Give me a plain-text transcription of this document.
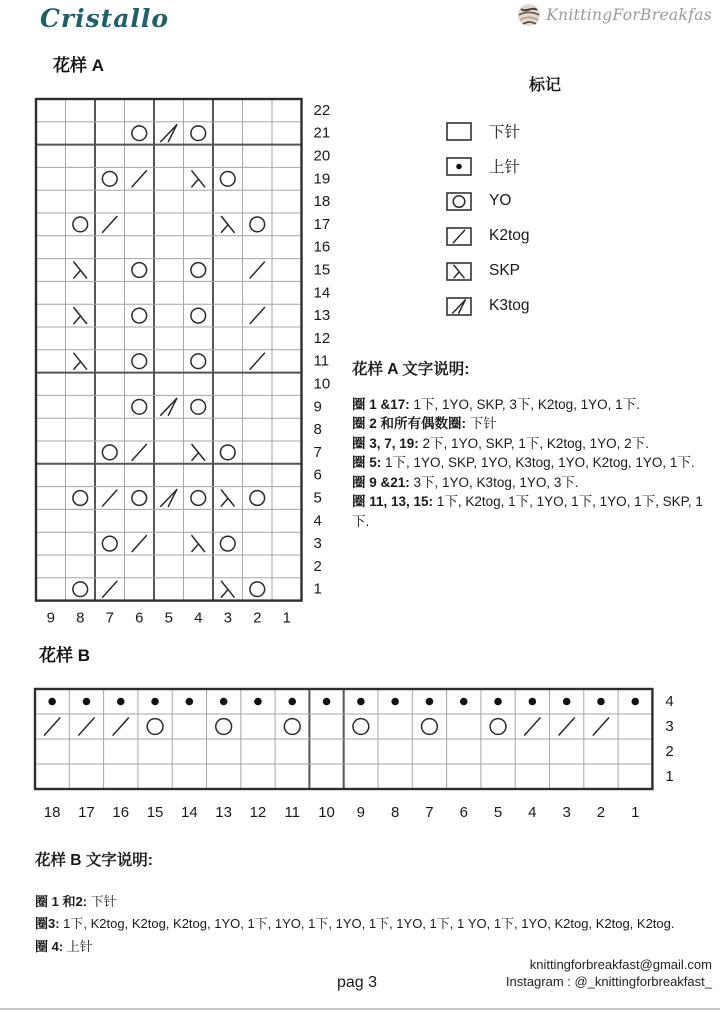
Cristallo	KnittingForBreakfas
花样 A
22
21
20
19
18
17
16
15
14
13
12
11
10
9
8
7
6
5
4
3
2
1
9 8 7 6 5 4 3 2 1
标记
下针
上针
YO
K2tog
SKP
K3tog
花样 A 文字说明:
圈 1 &17: 1下, 1YO, SKP, 3下, K2tog, 1YO, 1下.
圈 2 和所有偶数圈: 下针
圈 3, 7, 19: 2下, 1YO, SKP, 1下, K2tog, 1YO, 2下.
圈 5: 1下, 1YO, SKP, 1YO, K3tog, 1YO, K2tog, 1YO, 1下.
圈 9 &21: 3下, 1YO, K3tog, 1YO, 3下.
圈 11, 13, 15: 1下, K2tog, 1下, 1YO, 1下, 1YO, 1下, SKP, 1下.
花样 B
4
3
2
1
18 17 16 15 14 13 12 11 10 9 8 7 6 5 4 3 2 1
花样 B 文字说明:
圈 1 和2: 下针
圈3: 1下, K2tog, K2tog, K2tog, 1YO, 1下, 1YO, 1下, 1YO, 1下, 1YO, 1下, 1 YO, 1下, 1YO, K2tog, K2tog, K2tog.
圈 4: 上针
pag 3
knittingforbreakfast@gmail.com
Instagram : @_knittingforbreakfast_
